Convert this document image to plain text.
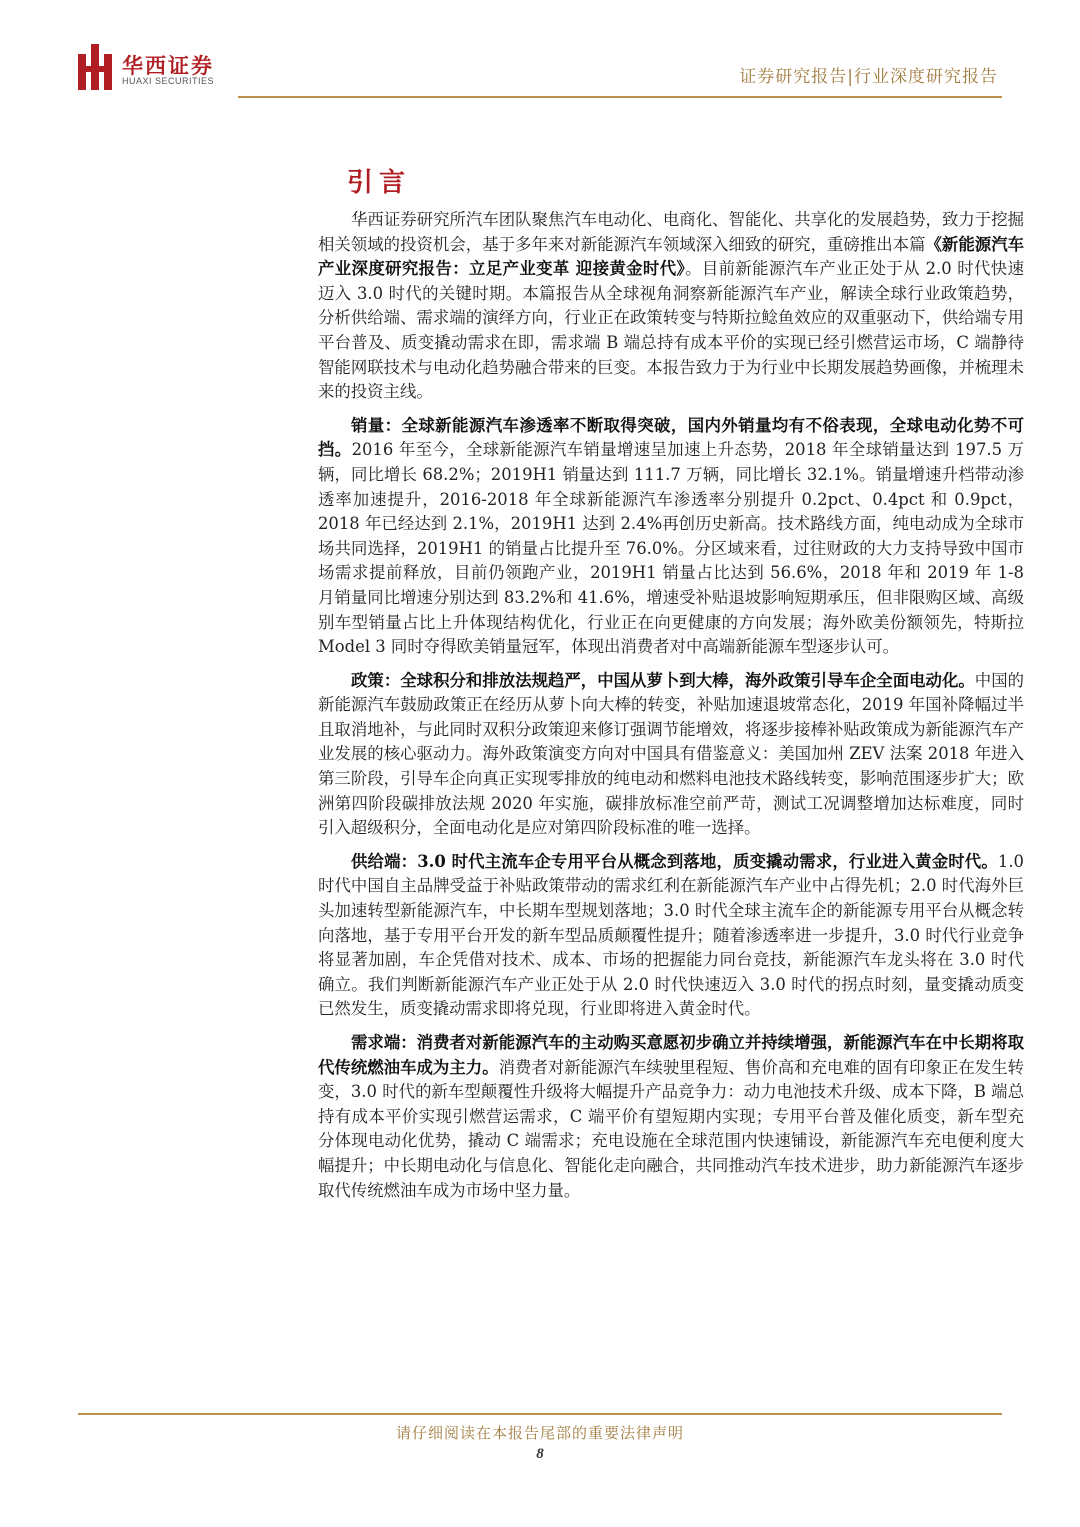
华西证券
HUAXI SECURITIES	证券研究报告|行业深度研究报告
引言

华西证券研究所汽车团队聚焦汽车电动化、电商化、智能化、共享化的发展趋势，致力于挖掘相关领域的投资机会，基于多年来对新能源汽车领域深入细致的研究，重磅推出本篇《新能源汽车产业深度研究报告：立足产业变革 迎接黄金时代》。目前新能源汽车产业正处于从 2.0 时代快速迈入 3.0 时代的关键时期。本篇报告从全球视角洞察新能源汽车产业，解读全球行业政策趋势，分析供给端、需求端的演绎方向，行业正在政策转变与特斯拉鲶鱼效应的双重驱动下，供给端专用平台普及、质变撬动需求在即，需求端 B 端总持有成本平价的实现已经引燃营运市场，C 端静待智能网联技术与电动化趋势融合带来的巨变。本报告致力于为行业中长期发展趋势画像，并梳理未来的投资主线。

销量：全球新能源汽车渗透率不断取得突破，国内外销量均有不俗表现，全球电动化势不可挡。2016 年至今，全球新能源汽车销量增速呈加速上升态势，2018 年全球销量达到 197.5 万辆，同比增长 68.2%；2019H1 销量达到 111.7 万辆，同比增长 32.1%。销量增速升档带动渗透率加速提升，2016-2018 年全球新能源汽车渗透率分别提升 0.2pct、0.4pct 和 0.9pct，2018 年已经达到 2.1%，2019H1 达到 2.4%再创历史新高。技术路线方面，纯电动成为全球市场共同选择，2019H1 的销量占比提升至 76.0%。分区域来看，过往财政的大力支持导致中国市场需求提前释放，目前仍领跑产业，2019H1 销量占比达到 56.6%，2018 年和 2019 年 1-8 月销量同比增速分别达到 83.2%和 41.6%，增速受补贴退坡影响短期承压，但非限购区域、高级别车型销量占比上升体现结构优化，行业正在向更健康的方向发展；海外欧美份额领先，特斯拉 Model 3 同时夺得欧美销量冠军，体现出消费者对中高端新能源车型逐步认可。

政策：全球积分和排放法规趋严，中国从萝卜到大棒，海外政策引导车企全面电动化。中国的新能源汽车鼓励政策正在经历从萝卜向大棒的转变，补贴加速退坡常态化，2019 年国补降幅过半且取消地补，与此同时双积分政策迎来修订强调节能增效，将逐步接棒补贴政策成为新能源汽车产业发展的核心驱动力。海外政策演变方向对中国具有借鉴意义：美国加州 ZEV 法案 2018 年进入第三阶段，引导车企向真正实现零排放的纯电动和燃料电池技术路线转变，影响范围逐步扩大；欧洲第四阶段碳排放法规 2020 年实施，碳排放标准空前严苛，测试工况调整增加达标难度，同时引入超级积分，全面电动化是应对第四阶段标准的唯一选择。

供给端：3.0 时代主流车企专用平台从概念到落地，质变撬动需求，行业进入黄金时代。1.0 时代中国自主品牌受益于补贴政策带动的需求红利在新能源汽车产业中占得先机；2.0 时代海外巨头加速转型新能源汽车，中长期车型规划落地；3.0 时代全球主流车企的新能源专用平台从概念转向落地，基于专用平台开发的新车型品质颠覆性提升；随着渗透率进一步提升，3.0 时代行业竞争将显著加剧，车企凭借对技术、成本、市场的把握能力同台竞技，新能源汽车龙头将在 3.0 时代确立。我们判断新能源汽车产业正处于从 2.0 时代快速迈入 3.0 时代的拐点时刻，量变撬动质变已然发生，质变撬动需求即将兑现，行业即将进入黄金时代。

需求端：消费者对新能源汽车的主动购买意愿初步确立并持续增强，新能源汽车在中长期将取代传统燃油车成为主力。消费者对新能源汽车续驶里程短、售价高和充电难的固有印象正在发生转变，3.0 时代的新车型颠覆性升级将大幅提升产品竞争力：动力电池技术升级、成本下降，B 端总持有成本平价实现引燃营运需求，C 端平价有望短期内实现；专用平台普及催化质变，新车型充分体现电动化优势，撬动 C 端需求；充电设施在全球范围内快速铺设，新能源汽车充电便利度大幅提升；中长期电动化与信息化、智能化走向融合，共同推动汽车技术进步，助力新能源汽车逐步取代传统燃油车成为市场中坚力量。

请仔细阅读在本报告尾部的重要法律声明
8
